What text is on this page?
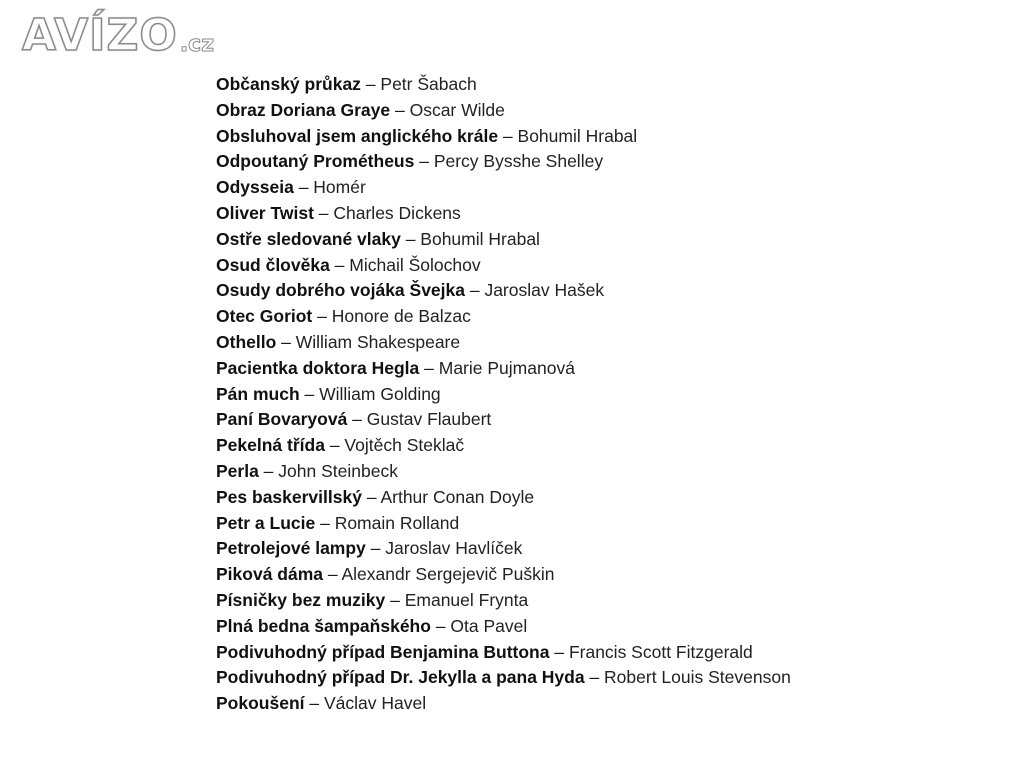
AVÍZO .cz
Občanský průkaz – Petr Šabach
Obraz Doriana Graye – Oscar Wilde
Obsluhoval jsem anglického krále – Bohumil Hrabal
Odpoutaný Prométheus – Percy Bysshe Shelley
Odysseia – Homér
Oliver Twist – Charles Dickens
Ostře sledované vlaky – Bohumil Hrabal
Osud člověka – Michail Šolochov
Osudy dobrého vojáka Švejka – Jaroslav Hašek
Otec Goriot – Honore de Balzac
Othello – William Shakespeare
Pacientka doktora Hegla – Marie Pujmanová
Pán much – William Golding
Paní Bovaryová – Gustav Flaubert
Pekelná třída – Vojtěch Steklač
Perla – John Steinbeck
Pes baskervillský – Arthur Conan Doyle
Petr a Lucie – Romain Rolland
Petrolejové lampy – Jaroslav Havlíček
Piková dáma – Alexandr Sergejevič Puškin
Písničky bez muziky – Emanuel Frynta
Plná bedna šampaňského – Ota Pavel
Podivuhodný případ Benjamina Buttona – Francis Scott Fitzgerald
Podivuhodný případ Dr. Jekylla a pana Hyda – Robert Louis Stevenson
Pokoušení – Václav Havel
